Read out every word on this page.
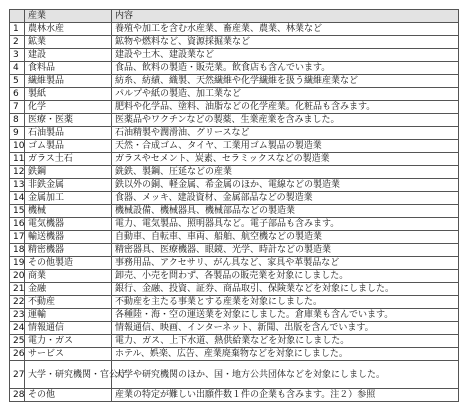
	産業	内容
1	農林水産	養殖や加工を含む水産業、畜産業、農業、林業など
2	鉱業	鉱物や燃料など、資源採掘業など
3	建設	建設や土木、建設業など
4	食料品	食品、飲料の製造・販売業。飲食店も含んでいます。
5	繊維製品	紡糸、紡績、織製、天然繊維や化学繊維を扱う繊維産業など
6	製紙	パルプや紙の製造、加工業など
7	化学	肥料や化学品、塗料、油脂などの化学産業。化粧品も含みます。
8	医療・医薬	医薬品やワクチンなどの製薬、生業産業を含みました。
9	石油製品	石油精製や潤滑油、グリースなど
10	ゴム製品	天然・合成ゴム、タイヤ、工業用ゴム製品の製造業
11	ガラス土石	ガラスやセメント、炭素、セラミックスなどの製造業
12	鉄鋼	銑鉄、製鋼、圧延などの産業
13	非鉄金属	鉄以外の銅、軽金属、希金属のほか、電線などの製造業
14	金属加工	食器、メッキ、建設資材、金属部品などの製造業
15	機械	機械設備、機械器具、機械部品などの製造業
16	電気機器	電力、電気製品、照明器具など。電子部品も含みます。
17	輸送機器	自動車、自転車、車両、船舶、航空機などの製造業
18	精密機器	精密器具、医療機器、眼鏡、光学、時計などの製造業
19	その他製造	事務用品、アクセサリ、がん具など、家具や革製品など
20	商業	卸売、小売を問わず、各製品の販売業を対象にしました。
21	金融	銀行、金融、投資、証券、商品取引、保険業などを対象にしました。
22	不動産	不動産を主たる事業とする産業を対象にしました。
23	運輸	各種陸・海・空の運送業を対象にしました。倉庫業も含んでいます。
24	情報通信	情報通信、映画、インターネット、新聞、出版を含んでいます。
25	電力・ガス	電力、ガス、上下水道、熱供給業などを対象にしました。
26	サービス	ホテル、娯楽、広告、産業廃棄物などを対象にしました。
27	大学・研究機関・官公庁	大学や研究機関のほか、国・地方公共団体などを対象にしました。
28	その他	産業の特定が難しい出願件数１件の企業も含みます。注２）参照
